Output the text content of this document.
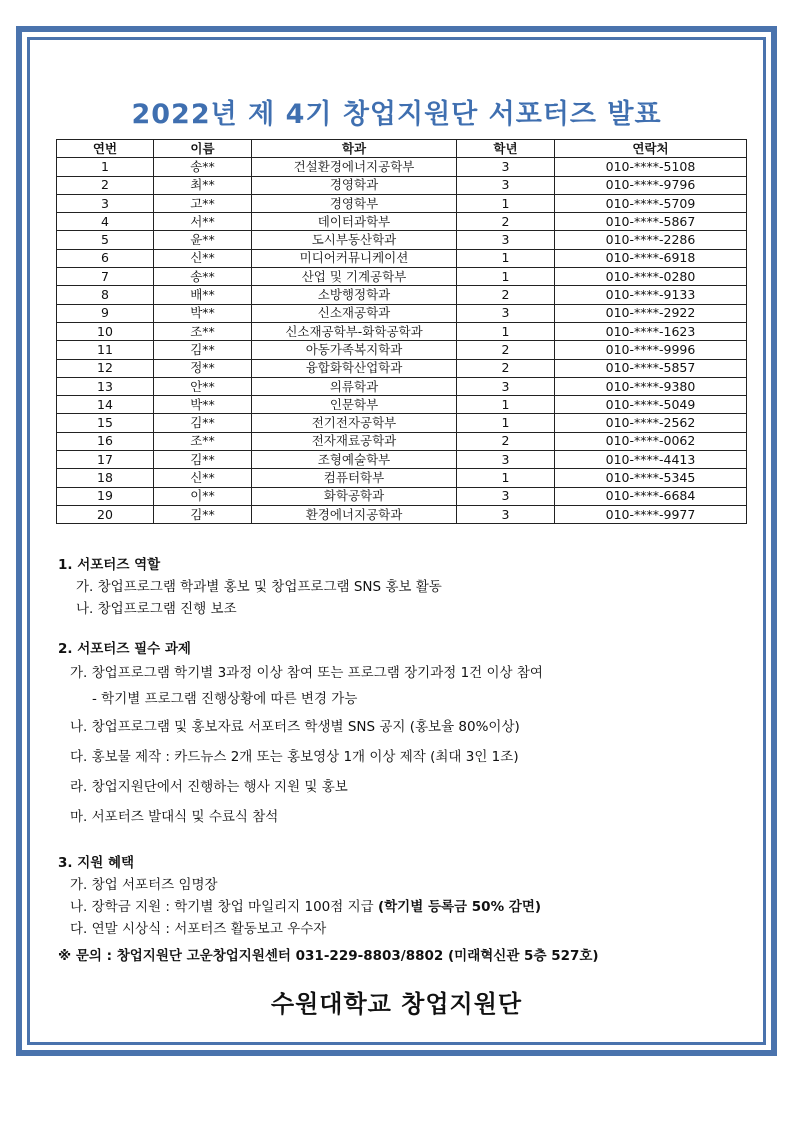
2022년 제 4기 창업지원단 서포터즈 발표
연번	이름	학과	학년	연락처
1	송**	건설환경에너지공학부	3	010-****-5108
2	최**	경영학과	3	010-****-9796
3	고**	경영학부	1	010-****-5709
4	서**	데이터과학부	2	010-****-5867
5	윤**	도시부동산학과	3	010-****-2286
6	신**	미디어커뮤니케이션	1	010-****-6918
7	송**	산업 및 기계공학부	1	010-****-0280
8	배**	소방행정학과	2	010-****-9133
9	박**	신소재공학과	3	010-****-2922
10	조**	신소재공학부-화학공학과	1	010-****-1623
11	김**	아동가족복지학과	2	010-****-9996
12	정**	융합화학산업학과	2	010-****-5857
13	안**	의류학과	3	010-****-9380
14	박**	인문학부	1	010-****-5049
15	김**	전기전자공학부	1	010-****-2562
16	조**	전자재료공학과	2	010-****-0062
17	김**	조형예술학부	3	010-****-4413
18	신**	컴퓨터학부	1	010-****-5345
19	이**	화학공학과	3	010-****-6684
20	김**	환경에너지공학과	3	010-****-9977
1. 서포터즈 역할
가. 창업프로그램 학과별 홍보 및 창업프로그램 SNS 홍보 활동
나. 창업프로그램 진행 보조
2. 서포터즈 필수 과제
가. 창업프로그램 학기별 3과정 이상 참여 또는 프로그램 장기과정 1건 이상 참여
- 학기별 프로그램 진행상황에 따른 변경 가능
나. 창업프로그램 및 홍보자료 서포터즈 학생별 SNS 공지 (홍보율 80%이상)
다. 홍보물 제작 : 카드뉴스 2개 또는 홍보영상 1개 이상 제작 (최대 3인 1조)
라. 창업지원단에서 진행하는 행사 지원 및 홍보
마. 서포터즈 발대식 및 수료식 참석
3. 지원 혜택
가. 창업 서포터즈 임명장
나. 장학금 지원 : 학기별 창업 마일리지 100점 지급 (학기별 등록금 50% 감면)
다. 연말 시상식 : 서포터즈 활동보고 우수자
※ 문의 : 창업지원단 고운창업지원센터 031-229-8803/8802 (미래혁신관 5층 527호)
수원대학교 창업지원단
